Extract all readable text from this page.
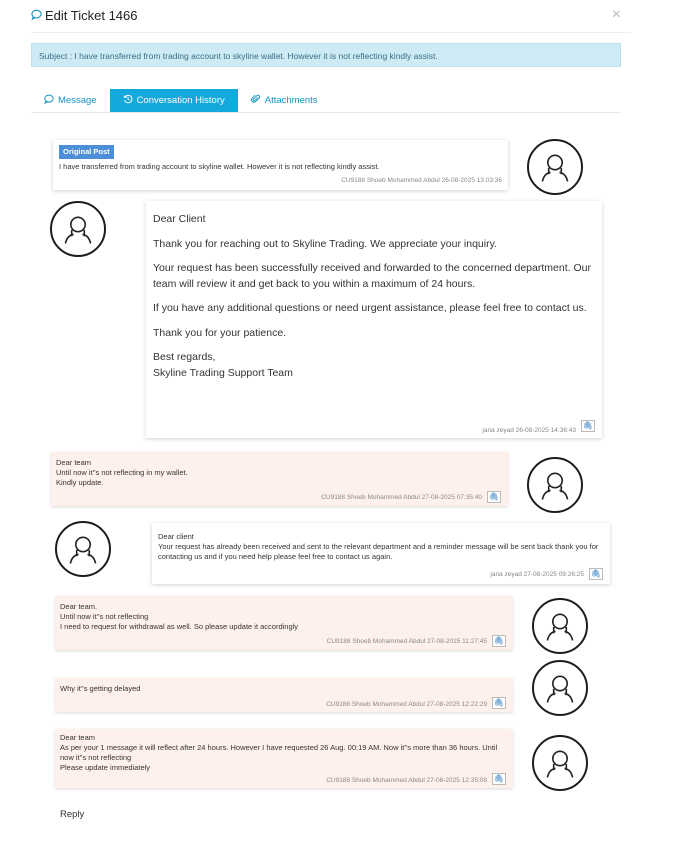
Edit Ticket 1466	×
Subject : I have transferred from trading account to skyline wallet. However it is not reflecting kindly assist.
Message	Conversation History	Attachments
Original Post
I have transferred from trading account to skyline wallet. However it is not reflecting kindly assist.
CU9188 Shoeb Mohammed Abdul 26-08-2025 13:03:36

Dear Client

Thank you for reaching out to Skyline Trading. We appreciate your inquiry.

Your request has been successfully received and forwarded to the concerned department. Our team will review it and get back to you within a maximum of 24 hours.

If you have any additional questions or need urgent assistance, please feel free to contact us.

Thank you for your patience.

Best regards,

Skyline Trading Support Team

jana zeyad 26-08-2025 14:36:43
🖇
Dear team
Until now it''s not reflecting in my wallet.
Kindly update.
CU9188 Shoeb Mohammed Abdul 27-08-2025 07:35:40 🖇
Dear client
Your request has already been received and sent to the relevant department and a reminder message will be sent back thank you for contacting us and if you need help please feel free to contact us again.
jana zeyad 27-08-2025 09:26:25 🖇
Dear team.
Until now it''s not reflecting
I need to request for withdrawal as well. So please update it accordingly
CU9188 Shoeb Mohammed Abdul 27-08-2025 11:27:45 🖇
Why it''s getting delayed
CU9188 Shoeb Mohammed Abdul 27-08-2025 12:22:29 🖇
Dear team
As per your 1 message it will reflect after 24 hours. However I have requested 26 Aug. 00:19 AM. Now it''s more than 36 hours. Until now it''s not reflecting
Please update immediately
CU9188 Shoeb Mohammed Abdul 27-08-2025 12:35:08 🖇
Reply
